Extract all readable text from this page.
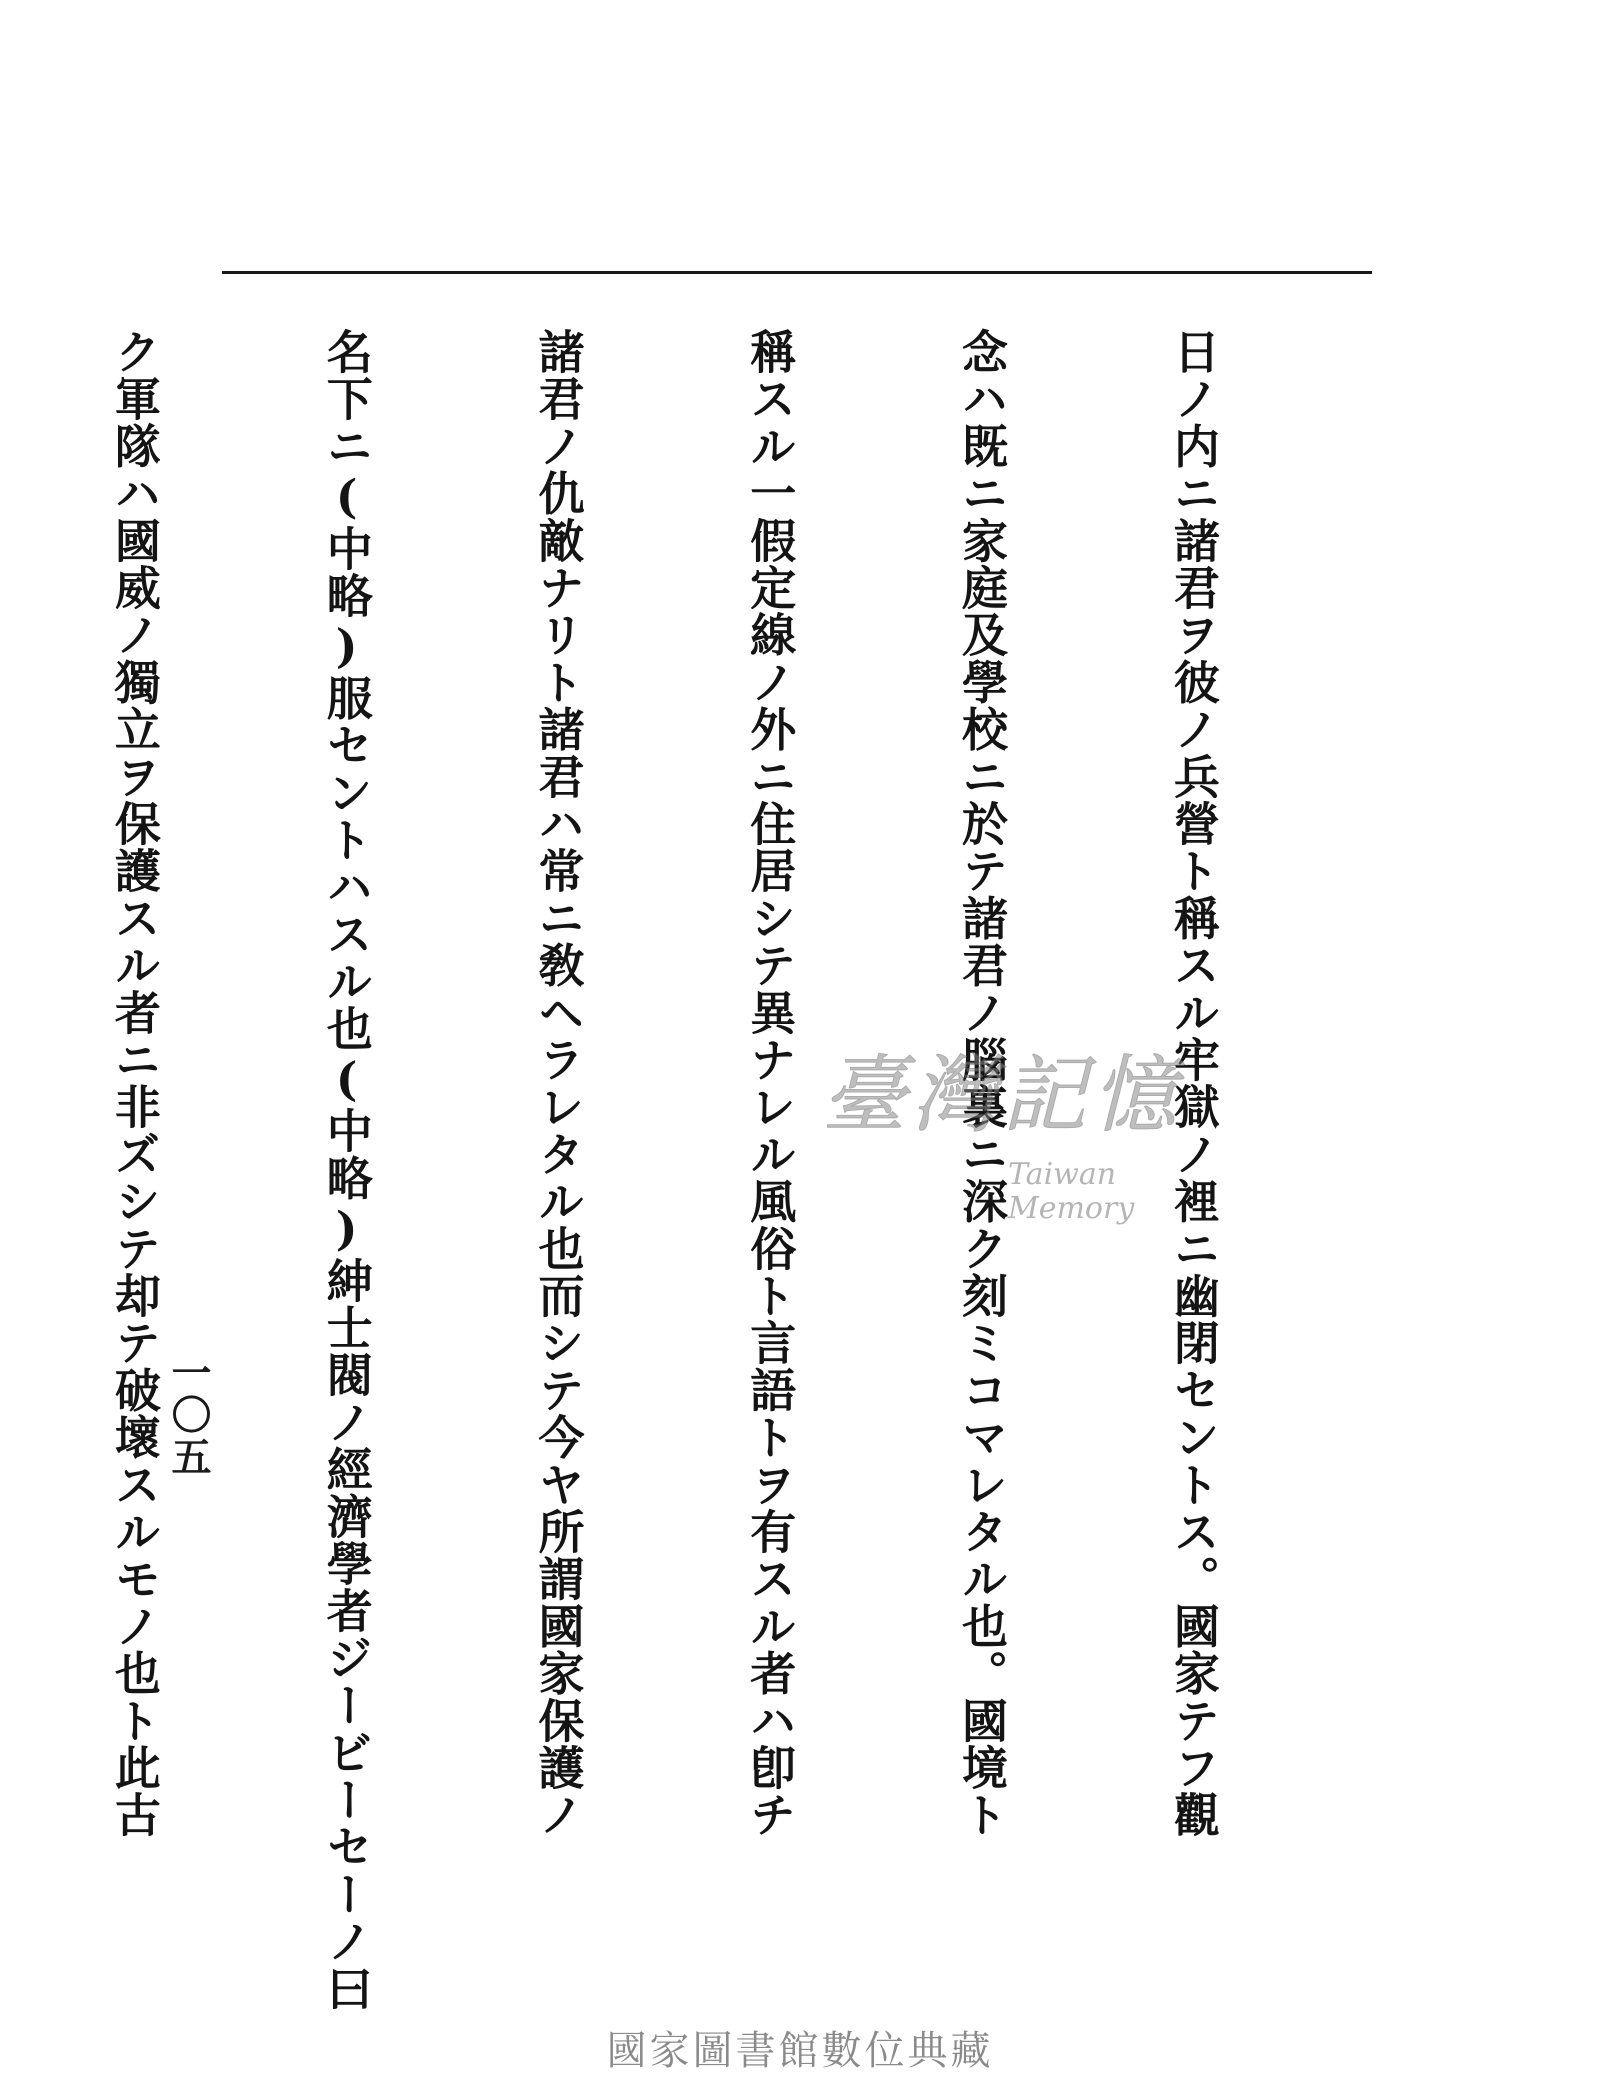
日ノ内ニ諸君ヲ彼ノ兵營ト稱スル牢獄ノ裡ニ幽閉セントス。國家テフ觀

念ハ既ニ家庭及學校ニ於テ諸君ノ腦裏ニ深ク刻ミコマレタル也。國境ト

稱スル一假定線ノ外ニ住居シテ異ナレル風俗ト言語トヲ有スル者ハ卽チ

諸君ノ仇敵ナリト諸君ハ常ニ敎ヘラレタル也而シテ今ヤ所謂國家保護ノ

名下ニ(中略)服セントハスル也(中略)紳士閥ノ經濟學者ジービーセーノ曰

ク軍隊ハ國威ノ獨立ヲ保護スル者ニ非ズシテ却テ破壞スルモノ也ト此古

一〇五
臺灣記憶
Taiwan Memory
國家圖書館數位典藏
